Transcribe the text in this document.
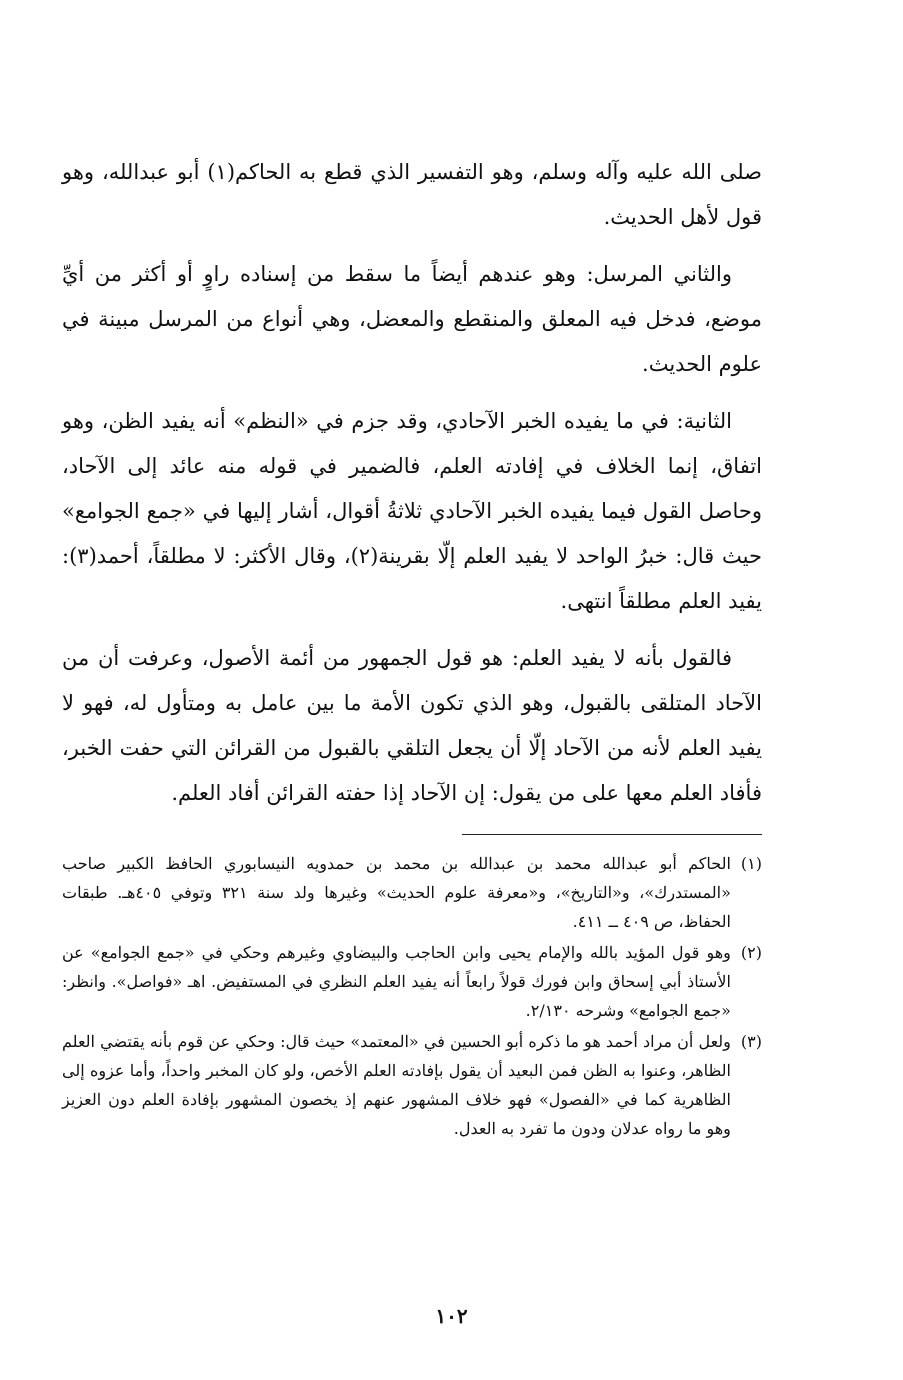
صلى الله عليه وآله وسلم، وهو التفسير الذي قطع به الحاكم(١) أبو عبدالله، وهو قول لأهل الحديث.

والثاني المرسل: وهو عندهم أيضاً ما سقط من إسناده راوٍ أو أكثر من أيِّ موضع، فدخل فيه المعلق والمنقطع والمعضل، وهي أنواع من المرسل مبينة في علوم الحديث.

الثانية: في ما يفيده الخبر الآحادي، وقد جزم في «النظم» أنه يفيد الظن، وهو اتفاق، إنما الخلاف في إفادته العلم، فالضمير في قوله منه عائد إلى الآحاد، وحاصل القول فيما يفيده الخبر الآحادي ثلاثةُ أقوال، أشار إليها في «جمع الجوامع» حيث قال: خبرُ الواحد لا يفيد العلم إلّا بقرينة(٢)، وقال الأكثر: لا مطلقاً، أحمد(٣): يفيد العلم مطلقاً انتهى.

فالقول بأنه لا يفيد العلم: هو قول الجمهور من أئمة الأصول، وعرفت أن من الآحاد المتلقى بالقبول، وهو الذي تكون الأمة ما بين عامل به ومتأول له، فهو لا يفيد العلم لأنه من الآحاد إلّا أن يجعل التلقي بالقبول من القرائن التي حفت الخبر، فأفاد العلم معها على من يقول: إن الآحاد إذا حفته القرائن أفاد العلم.

(١)
الحاكم أبو عبدالله محمد بن عبدالله بن محمد بن حمدويه النيسابوري الحافظ الكبير صاحب «المستدرك»، و«التاريخ»، و«معرفة علوم الحديث» وغيرها ولد سنة ٣٢١ وتوفي ٤٠٥هـ. طبقات الحفاظ، ص ٤٠٩ ــ ٤١١.
(٢)
وهو قول المؤيد بالله والإمام يحيى وابن الحاجب والبيضاوي وغيرهم وحكي في «جمع الجوامع» عن الأستاذ أبي إسحاق وابن فورك قولاً رابعاً أنه يفيد العلم النظري في المستفيض. اهـ «فواصل». وانظر: «جمع الجوامع» وشرحه ٢/١٣٠.
(٣)
ولعل أن مراد أحمد هو ما ذكره أبو الحسين في «المعتمد» حيث قال: وحكي عن قوم بأنه يقتضي العلم الظاهر، وعنوا به الظن فمن البعيد أن يقول بإفادته العلم الأخص، ولو كان المخبر واحداً، وأما عزوه إلى الظاهرية كما في «الفصول» فهو خلاف المشهور عنهم إذ يخصون المشهور بإفادة العلم دون العزيز وهو ما رواه عدلان ودون ما تفرد به العدل.
١٠٢
